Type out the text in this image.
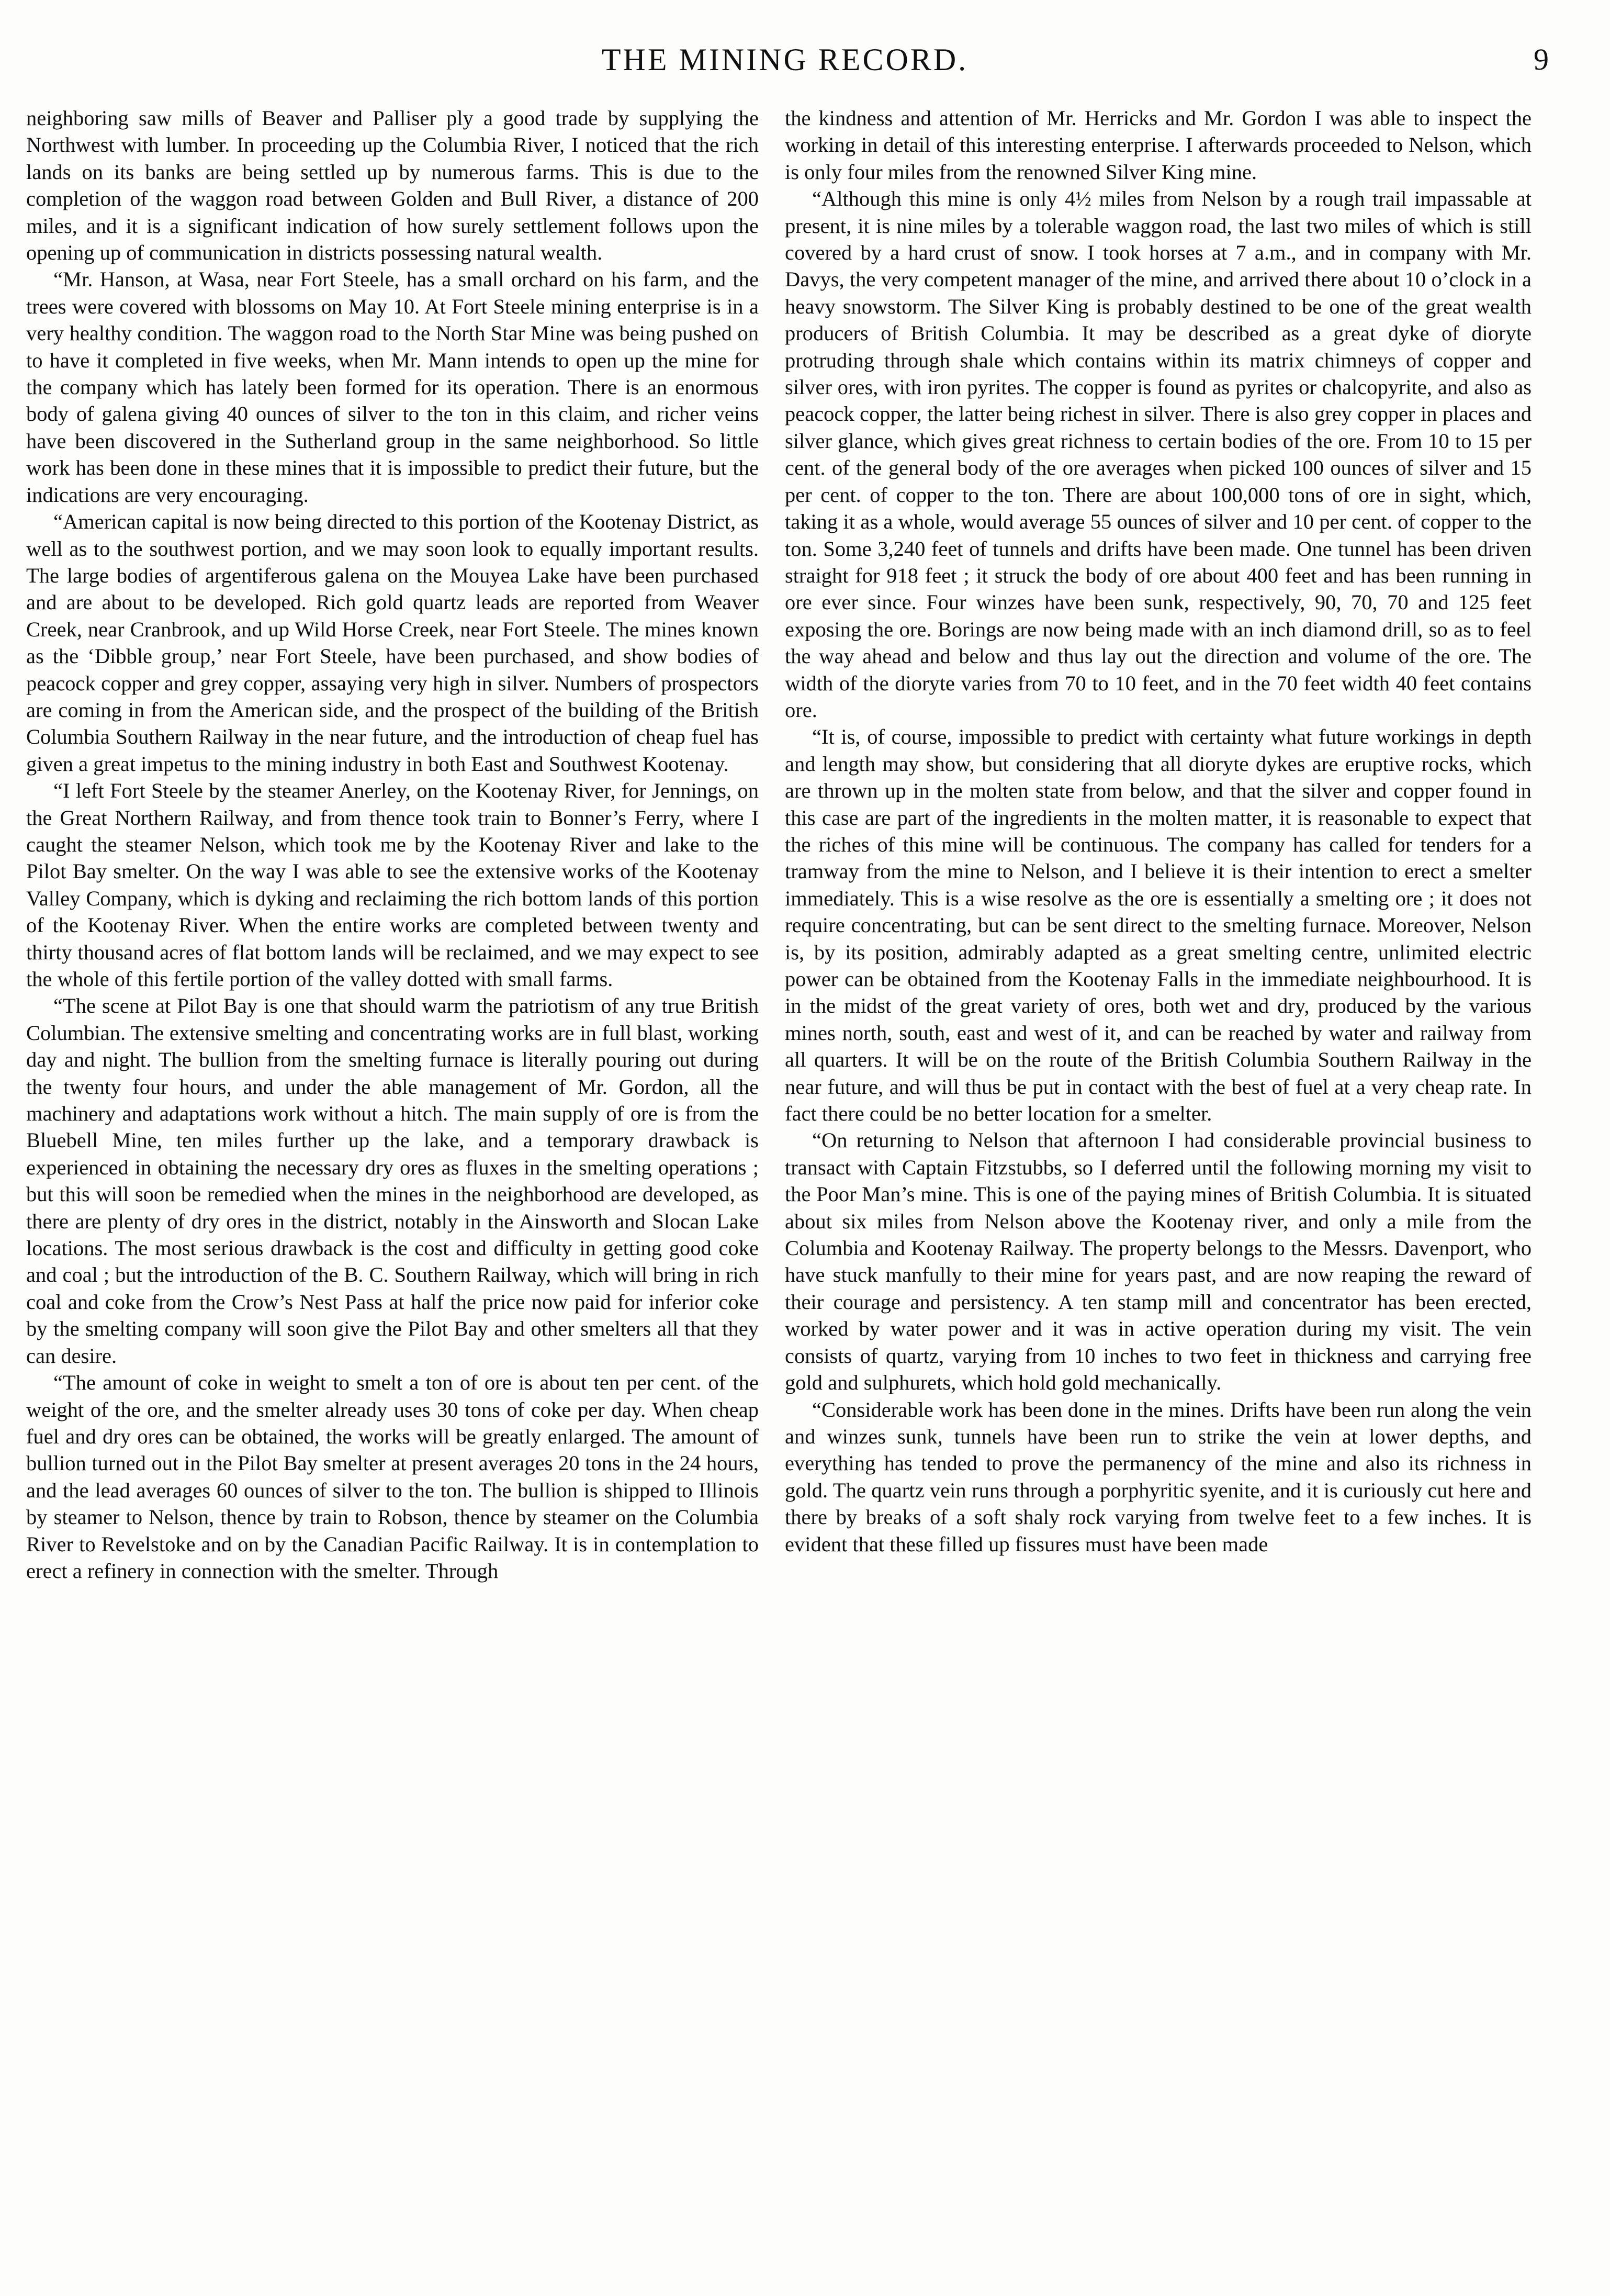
THE MINING RECORD.	9

neighboring saw mills of Beaver and Palliser ply a good trade by supplying the Northwest with lumber. In proceeding up the Columbia River, I noticed that the rich lands on its banks are being settled up by numerous farms. This is due to the completion of the waggon road between Golden and Bull River, a distance of 200 miles, and it is a significant indication of how surely settlement follows upon the opening up of communication in districts possessing natural wealth.

“Mr. Hanson, at Wasa, near Fort Steele, has a small orchard on his farm, and the trees were covered with blossoms on May 10. At Fort Steele mining enterprise is in a very healthy condition. The waggon road to the North Star Mine was being pushed on to have it completed in five weeks, when Mr. Mann intends to open up the mine for the company which has lately been formed for its operation. There is an enormous body of galena giving 40 ounces of silver to the ton in this claim, and richer veins have been discovered in the Sutherland group in the same neighborhood. So little work has been done in these mines that it is impossible to predict their future, but the indications are very encouraging.

“American capital is now being directed to this portion of the Kootenay District, as well as to the southwest portion, and we may soon look to equally important results. The large bodies of argentiferous galena on the Mouyea Lake have been purchased and are about to be developed. Rich gold quartz leads are reported from Weaver Creek, near Cranbrook, and up Wild Horse Creek, near Fort Steele. The mines known as the ‘Dibble group,’ near Fort Steele, have been purchased, and show bodies of peacock copper and grey copper, assaying very high in silver. Numbers of prospectors are coming in from the American side, and the prospect of the building of the British Columbia Southern Railway in the near future, and the introduction of cheap fuel has given a great impetus to the mining industry in both East and Southwest Kootenay.

“I left Fort Steele by the steamer Anerley, on the Kootenay River, for Jennings, on the Great Northern Railway, and from thence took train to Bonner’s Ferry, where I caught the steamer Nelson, which took me by the Kootenay River and lake to the Pilot Bay smelter. On the way I was able to see the extensive works of the Kootenay Valley Company, which is dyking and reclaiming the rich bottom lands of this portion of the Kootenay River. When the entire works are completed between twenty and thirty thousand acres of flat bottom lands will be reclaimed, and we may expect to see the whole of this fertile portion of the valley dotted with small farms.

“The scene at Pilot Bay is one that should warm the patriotism of any true British Columbian. The extensive smelting and concentrating works are in full blast, working day and night. The bullion from the smelting furnace is literally pouring out during the twenty four hours, and under the able management of Mr. Gordon, all the machinery and adaptations work without a hitch. The main supply of ore is from the Bluebell Mine, ten miles further up the lake, and a temporary drawback is experienced in obtaining the necessary dry ores as fluxes in the smelting operations ; but this will soon be remedied when the mines in the neighborhood are developed, as there are plenty of dry ores in the district, notably in the Ainsworth and Slocan Lake locations. The most serious drawback is the cost and difficulty in getting good coke and coal ; but the introduction of the B. C. Southern Railway, which will bring in rich coal and coke from the Crow’s Nest Pass at half the price now paid for inferior coke by the smelting company will soon give the Pilot Bay and other smelters all that they can desire.

“The amount of coke in weight to smelt a ton of ore is about ten per cent. of the weight of the ore, and the smelter already uses 30 tons of coke per day. When cheap fuel and dry ores can be obtained, the works will be greatly enlarged. The amount of bullion turned out in the Pilot Bay smelter at present averages 20 tons in the 24 hours, and the lead averages 60 ounces of silver to the ton. The bullion is shipped to Illinois by steamer to Nelson, thence by train to Robson, thence by steamer on the Columbia River to Revelstoke and on by the Canadian Pacific Railway. It is in contemplation to erect a refinery in connection with the smelter. Through

the kindness and attention of Mr. Herricks and Mr. Gordon I was able to inspect the working in detail of this interesting enterprise. I afterwards proceeded to Nelson, which is only four miles from the renowned Silver King mine.

“Although this mine is only 4½ miles from Nelson by a rough trail impassable at present, it is nine miles by a tolerable waggon road, the last two miles of which is still covered by a hard crust of snow. I took horses at 7 a.m., and in company with Mr. Davys, the very competent manager of the mine, and arrived there about 10 o’clock in a heavy snowstorm. The Silver King is probably destined to be one of the great wealth producers of British Columbia. It may be described as a great dyke of dioryte protruding through shale which contains within its matrix chimneys of copper and silver ores, with iron pyrites. The copper is found as pyrites or chalcopyrite, and also as peacock copper, the latter being richest in silver. There is also grey copper in places and silver glance, which gives great richness to certain bodies of the ore. From 10 to 15 per cent. of the general body of the ore averages when picked 100 ounces of silver and 15 per cent. of copper to the ton. There are about 100,000 tons of ore in sight, which, taking it as a whole, would average 55 ounces of silver and 10 per cent. of copper to the ton. Some 3,240 feet of tunnels and drifts have been made. One tunnel has been driven straight for 918 feet ; it struck the body of ore about 400 feet and has been running in ore ever since. Four winzes have been sunk, respectively, 90, 70, 70 and 125 feet exposing the ore. Borings are now being made with an inch diamond drill, so as to feel the way ahead and below and thus lay out the direction and volume of the ore. The width of the dioryte varies from 70 to 10 feet, and in the 70 feet width 40 feet contains ore.

“It is, of course, impossible to predict with certainty what future workings in depth and length may show, but considering that all dioryte dykes are eruptive rocks, which are thrown up in the molten state from below, and that the silver and copper found in this case are part of the ingredients in the molten matter, it is reasonable to expect that the riches of this mine will be continuous. The company has called for tenders for a tramway from the mine to Nelson, and I believe it is their intention to erect a smelter immediately. This is a wise resolve as the ore is essentially a smelting ore ; it does not require concentrating, but can be sent direct to the smelting furnace. Moreover, Nelson is, by its position, admirably adapted as a great smelting centre, unlimited electric power can be obtained from the Kootenay Falls in the immediate neighbourhood. It is in the midst of the great variety of ores, both wet and dry, produced by the various mines north, south, east and west of it, and can be reached by water and railway from all quarters. It will be on the route of the British Columbia Southern Railway in the near future, and will thus be put in contact with the best of fuel at a very cheap rate. In fact there could be no better location for a smelter.

“On returning to Nelson that afternoon I had considerable provincial business to transact with Captain Fitzstubbs, so I deferred until the following morning my visit to the Poor Man’s mine. This is one of the paying mines of British Columbia. It is situated about six miles from Nelson above the Kootenay river, and only a mile from the Columbia and Kootenay Railway. The property belongs to the Messrs. Davenport, who have stuck manfully to their mine for years past, and are now reaping the reward of their courage and persistency. A ten stamp mill and concentrator has been erected, worked by water power and it was in active operation during my visit. The vein consists of quartz, varying from 10 inches to two feet in thickness and carrying free gold and sulphurets, which hold gold mechanically.

“Considerable work has been done in the mines. Drifts have been run along the vein and winzes sunk, tunnels have been run to strike the vein at lower depths, and everything has tended to prove the permanency of the mine and also its richness in gold. The quartz vein runs through a porphyritic syenite, and it is curiously cut here and there by breaks of a soft shaly rock varying from twelve feet to a few inches. It is evident that these filled up fissures must have been made
